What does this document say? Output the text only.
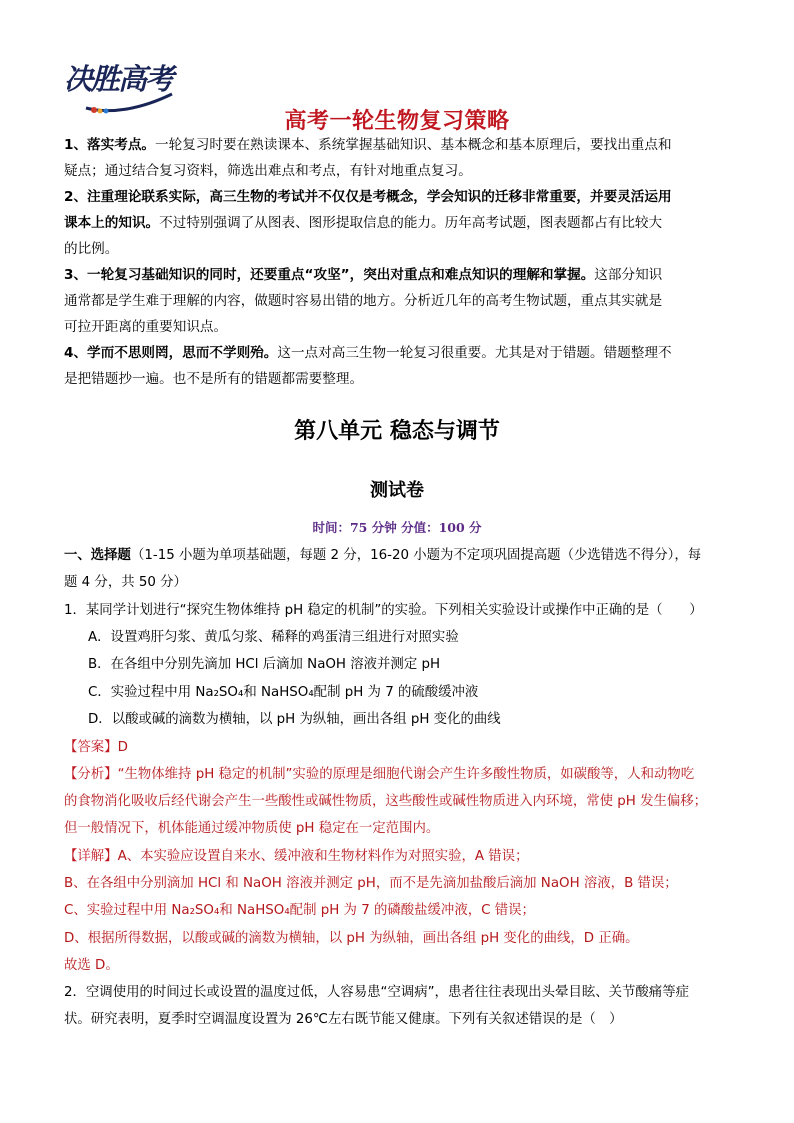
决胜高考
高考一轮生物复习策略
1、落实考点。一轮复习时要在熟读课本、系统掌握基础知识、基本概念和基本原理后，要找出重点和
疑点；通过结合复习资料，筛选出难点和考点，有针对地重点复习。
2、注重理论联系实际，高三生物的考试并不仅仅是考概念，学会知识的迁移非常重要，并要灵活运用
课本上的知识。不过特别强调了从图表、图形提取信息的能力。历年高考试题，图表题都占有比较大
的比例。
3、一轮复习基础知识的同时，还要重点“攻坚”，突出对重点和难点知识的理解和掌握。这部分知识
通常都是学生难于理解的内容，做题时容易出错的地方。分析近几年的高考生物试题，重点其实就是
可拉开距离的重要知识点。
4、学而不思则罔，思而不学则殆。这一点对高三生物一轮复习很重要。尤其是对于错题。错题整理不
是把错题抄一遍。也不是所有的错题都需要整理。
第八单元 稳态与调节
测试卷
时间：75 分钟 分值：100 分
一、选择题（1-15 小题为单项基础题，每题 2 分，16-20 小题为不定项巩固提高题（少选错选不得分），每
题 4 分，共 50 分）
1．某同学计划进行“探究生物体维持 pH 稳定的机制”的实验。下列相关实验设计或操作中正确的是（　　）
A．设置鸡肝匀浆、黄瓜匀浆、稀释的鸡蛋清三组进行对照实验
B．在各组中分别先滴加 HCl 后滴加 NaOH 溶液并测定 pH
C．实验过程中用 Na₂SO₄和 NaHSO₄配制 pH 为 7 的硫酸缓冲液
D．以酸或碱的滴数为横轴，以 pH 为纵轴，画出各组 pH 变化的曲线
【答案】D
【分析】“生物体维持 pH 稳定的机制”实验的原理是细胞代谢会产生许多酸性物质，如碳酸等，人和动物吃
的食物消化吸收后经代谢会产生一些酸性或碱性物质，这些酸性或碱性物质进入内环境，常使 pH 发生偏移；
但一般情况下，机体能通过缓冲物质使 pH 稳定在一定范围内。
【详解】A、本实验应设置自来水、缓冲液和生物材料作为对照实验，A 错误；
B、在各组中分别滴加 HCl 和 NaOH 溶液并测定 pH，而不是先滴加盐酸后滴加 NaOH 溶液，B 错误；
C、实验过程中用 Na₂SO₄和 NaHSO₄配制 pH 为 7 的磷酸盐缓冲液，C 错误；
D、根据所得数据，以酸或碱的滴数为横轴，以 pH 为纵轴，画出各组 pH 变化的曲线，D 正确。
故选 D。
2．空调使用的时间过长或设置的温度过低，人容易患“空调病”，患者往往表现出头晕目眩、关节酸痛等症
状。研究表明，夏季时空调温度设置为 26℃左右既节能又健康。下列有关叙述错误的是（　）
